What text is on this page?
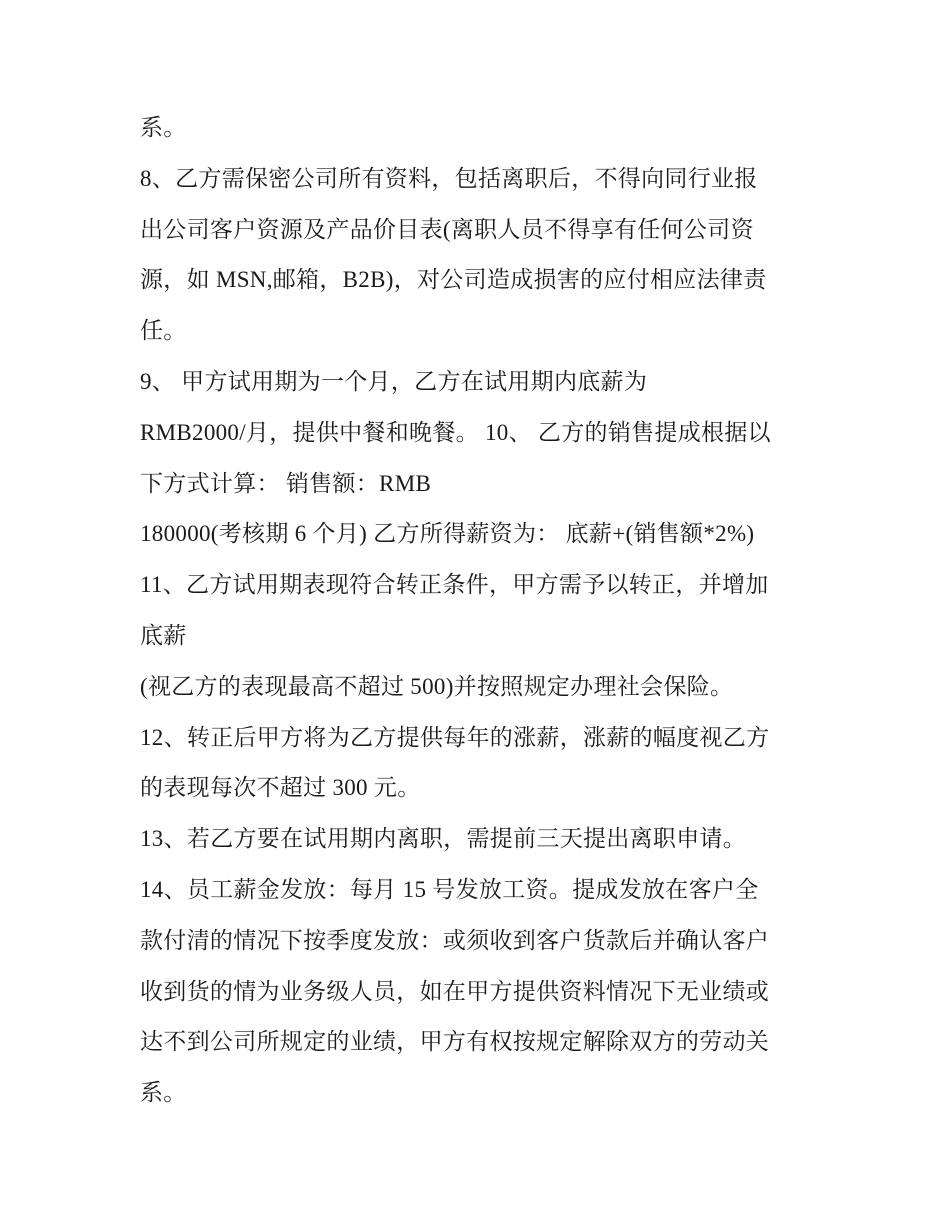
系。
8、乙方需保密公司所有资料，包括离职后，不得向同行业报
出公司客户资源及产品价目表(离职人员不得享有任何公司资
源，如 MSN,邮箱，B2B)，对公司造成损害的应付相应法律责
任。
9、 甲方试用期为一个月，乙方在试用期内底薪为
RMB2000/月，提供中餐和晚餐。 10、 乙方的销售提成根据以
下方式计算： 销售额：RMB
180000(考核期 6 个月) 乙方所得薪资为： 底薪+(销售额*2%)
11、乙方试用期表现符合转正条件，甲方需予以转正，并增加
底薪
(视乙方的表现最高不超过 500)并按照规定办理社会保险。
12、转正后甲方将为乙方提供每年的涨薪，涨薪的幅度视乙方
的表现每次不超过 300 元。
13、若乙方要在试用期内离职，需提前三天提出离职申请。
14、员工薪金发放：每月 15 号发放工资。提成发放在客户全
款付清的情况下按季度发放：或须收到客户货款后并确认客户
收到货的情为业务级人员，如在甲方提供资料情况下无业绩或
达不到公司所规定的业绩，甲方有权按规定解除双方的劳动关
系。
